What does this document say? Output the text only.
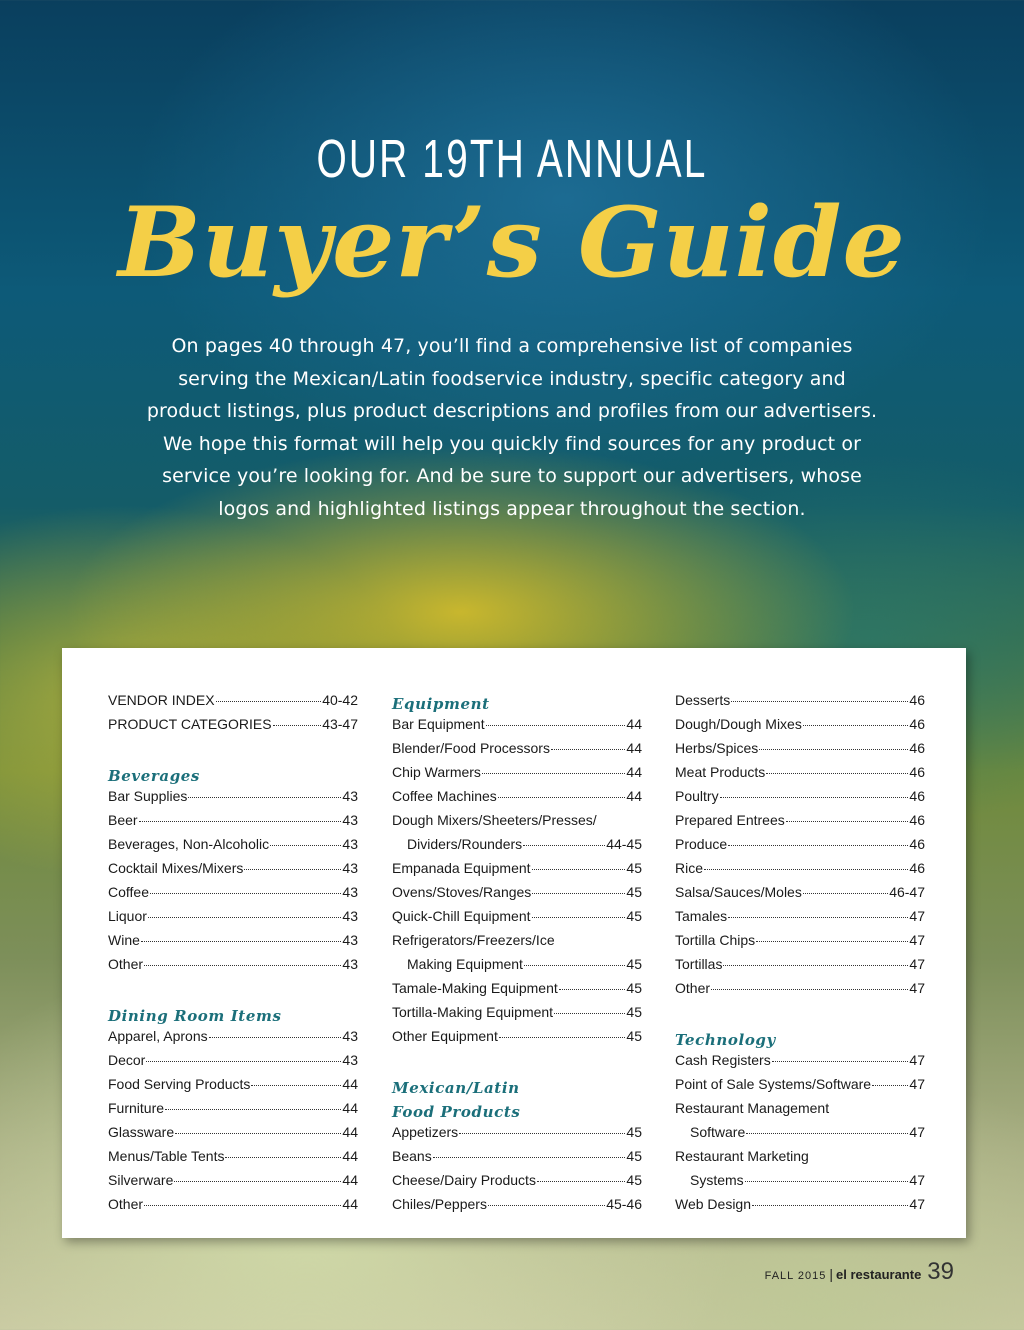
OUR 19TH ANNUAL
Buyer’s Guide
On pages 40 through 47, you’ll find a comprehensive list of companies serving the Mexican/Latin foodservice industry, specific category and product listings, plus product descriptions and profiles from our advertisers. We hope this format will help you quickly find sources for any product or service you’re looking for. And be sure to support our advertisers, whose logos and highlighted listings appear throughout the section.
VENDOR INDEX	40-42
PRODUCT CATEGORIES	43-47
Beverages
Bar Supplies	43
Beer	43
Beverages, Non-Alcoholic	43
Cocktail Mixes/Mixers	43
Coffee	43
Liquor	43
Wine	43
Other	43
Dining Room Items
Apparel, Aprons	43
Decor	43
Food Serving Products	44
Furniture	44
Glassware	44
Menus/Table Tents	44
Silverware	44
Other	44
Equipment
Bar Equipment	44
Blender/Food Processors	44
Chip Warmers	44
Coffee Machines	44
Dough Mixers/Sheeters/Presses/
Dividers/Rounders	44-45
Empanada Equipment	45
Ovens/Stoves/Ranges	45
Quick-Chill Equipment	45
Refrigerators/Freezers/Ice
Making Equipment	45
Tamale-Making Equipment	45
Tortilla-Making Equipment	45
Other Equipment	45
Mexican/Latin
Food Products
Appetizers	45
Beans	45
Cheese/Dairy Products	45
Chiles/Peppers	45-46
Desserts	46
Dough/Dough Mixes	46
Herbs/Spices	46
Meat Products	46
Poultry	46
Prepared Entrees	46
Produce	46
Rice	46
Salsa/Sauces/Moles	46-47
Tamales	47
Tortilla Chips	47
Tortillas	47
Other	47
Technology
Cash Registers	47
Point of Sale Systems/Software	47
Restaurant Management
Software	47
Restaurant Marketing
Systems	47
Web Design	47
FALL 2015 | el restaurante 39
